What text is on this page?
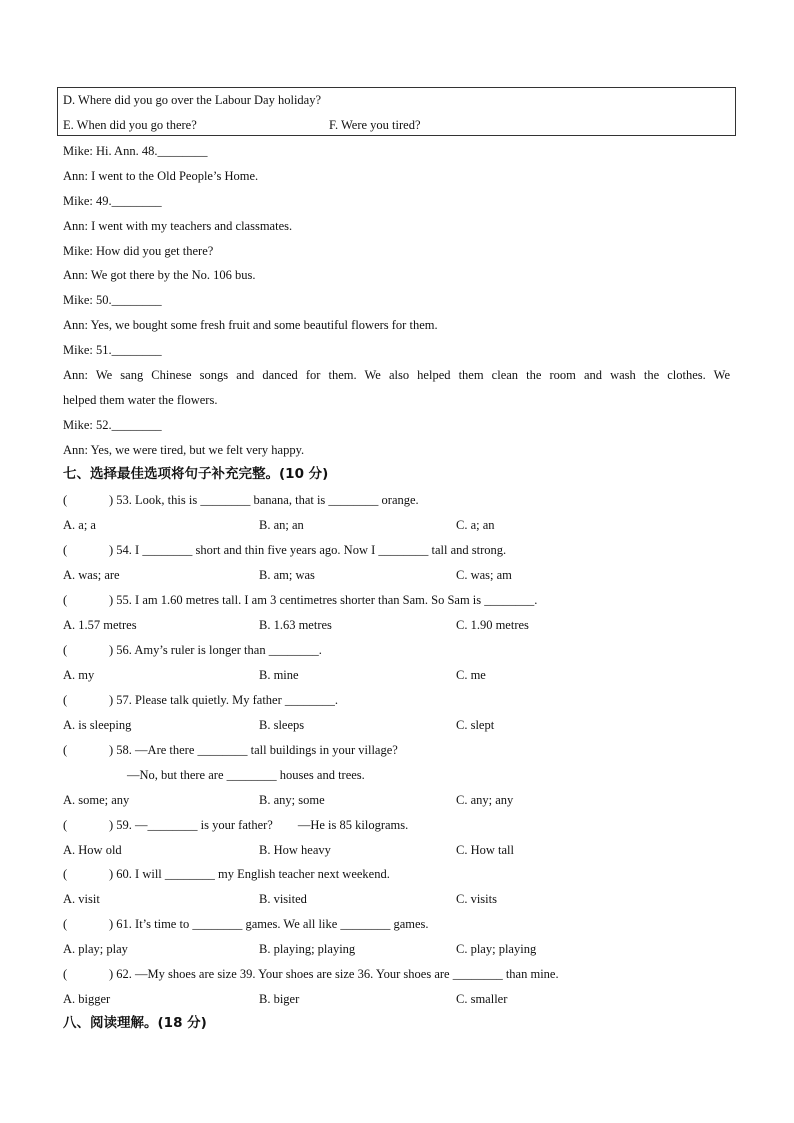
D. Where did you go over the Labour Day holiday?
E. When did you go there?	F. Were you tired?
Mike: Hi. Ann. 48.________
Ann: I went to the Old People’s Home.
Mike: 49.________
Ann: I went with my teachers and classmates.
Mike: How did you get there?
Ann: We got there by the No. 106 bus.
Mike: 50.________
Ann: Yes, we bought some fresh fruit and some beautiful flowers for them.
Mike: 51.________
Ann: We sang Chinese songs and danced for them. We also helped them clean the room and wash the clothes. We
helped them water the flowers.
Mike: 52.________
Ann: Yes, we were tired, but we felt very happy.
七、选择最佳选项将句子补充完整。(10 分)
(	) 53. Look, this is ________ banana, that is ________ orange.
A. a; a	B. an; an	C. a; an
(	) 54. I ________ short and thin five years ago. Now I ________ tall and strong.
A. was; are	B. am; was	C. was; am
(	) 55. I am 1.60 metres tall. I am 3 centimetres shorter than Sam. So Sam is ________.
A. 1.57 metres	B. 1.63 metres	C. 1.90 metres
(	) 56. Amy’s ruler is longer than ________.
A. my	B. mine	C. me
(	) 57. Please talk quietly. My father ________.
A. is sleeping	B. sleeps	C. slept
(	) 58. —Are there ________ tall buildings in your village?
—No, but there are ________ houses and trees.
A. some; any	B. any; some	C. any; any
(	) 59. —________ is your father?        —He is 85 kilograms.
A. How old	B. How heavy	C. How tall
(	) 60. I will ________ my English teacher next weekend.
A. visit	B. visited	C. visits
(	) 61. It’s time to ________ games. We all like ________ games.
A. play; play	B. playing; playing	C. play; playing
(	) 62. —My shoes are size 39. Your shoes are size 36. Your shoes are ________ than mine.
A. bigger	B. biger	C. smaller
八、阅读理解。(18 分)
